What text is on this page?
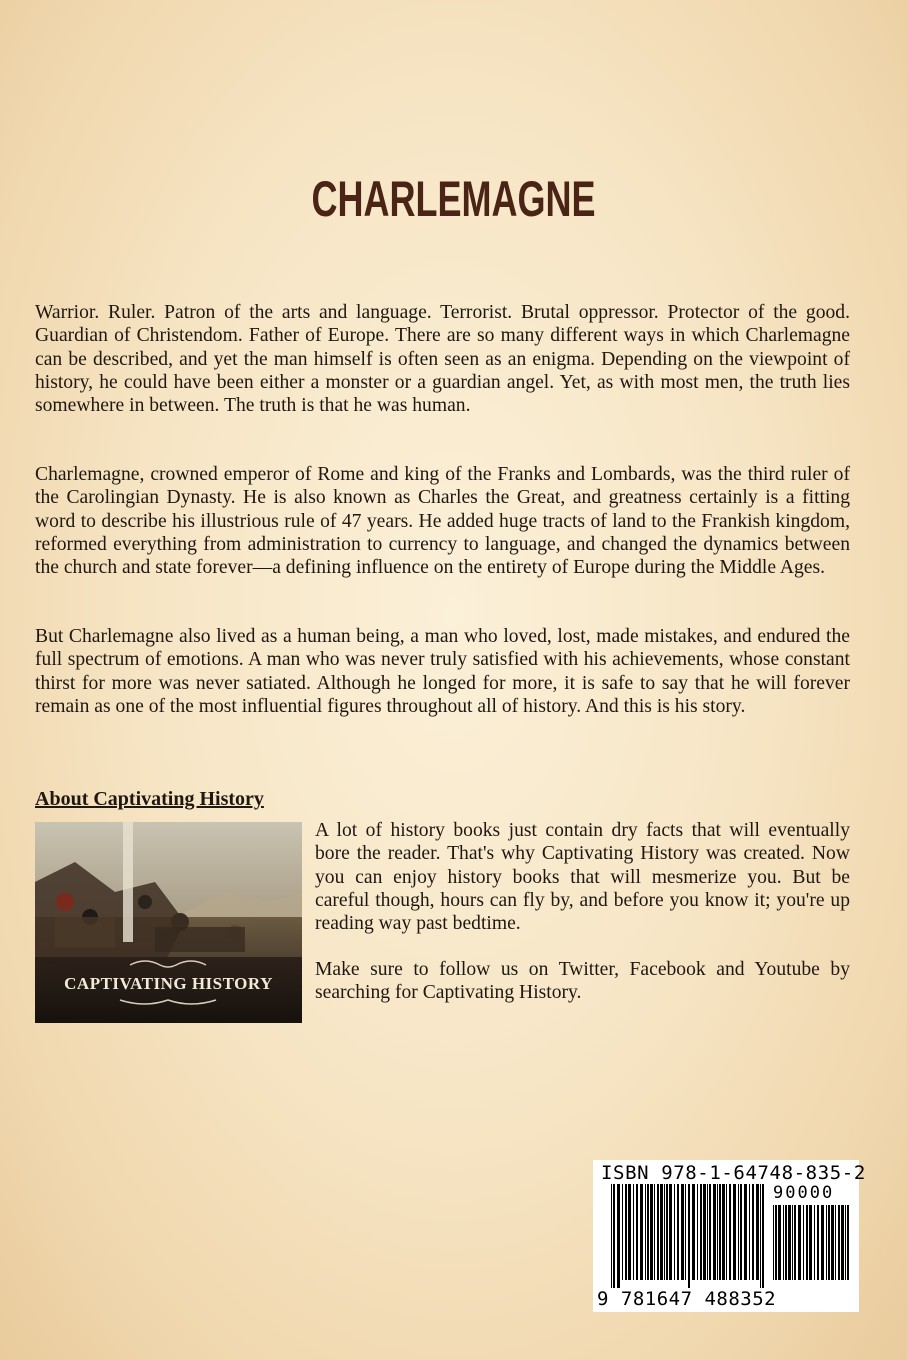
CHARLEMAGNE

Warrior. Ruler. Patron of the arts and language. Terrorist. Brutal oppressor. Protector of the good. Guardian of Christendom. Father of Europe. There are so many different ways in which Charlemagne can be described, and yet the man himself is often seen as an enigma. Depending on the viewpoint of history, he could have been either a monster or a guardian angel. Yet, as with most men, the truth lies somewhere in between. The truth is that he was human.

Charlemagne, crowned emperor of Rome and king of the Franks and Lombards, was the third ruler of the Carolingian Dynasty. He is also known as Charles the Great, and greatness certainly is a fitting word to describe his illustrious rule of 47 years. He added huge tracts of land to the Frankish kingdom, reformed everything from administration to currency to language, and changed the dynamics between the church and state forever—a defining influence on the entirety of Europe during the Middle Ages.

But Charlemagne also lived as a human being, a man who loved, lost, made mistakes, and endured the full spectrum of emotions. A man who was never truly satisfied with his achievements, whose constant thirst for more was never satiated. Although he longed for more, it is safe to say that he will forever remain as one of the most influential figures throughout all of history. And this is his story.

About Captivating History
CAPTIVATING HISTORY

A lot of history books just contain dry facts that will eventually bore the reader. That's why Captivating History was created. Now you can enjoy history books that will mesmerize you. But be careful though, hours can fly by, and before you know it; you're up reading way past bedtime.

Make sure to follow us on Twitter, Facebook and Youtube by searching for Captivating History.

ISBN 978-1-64748-835-2
90000
9 781647 488352
